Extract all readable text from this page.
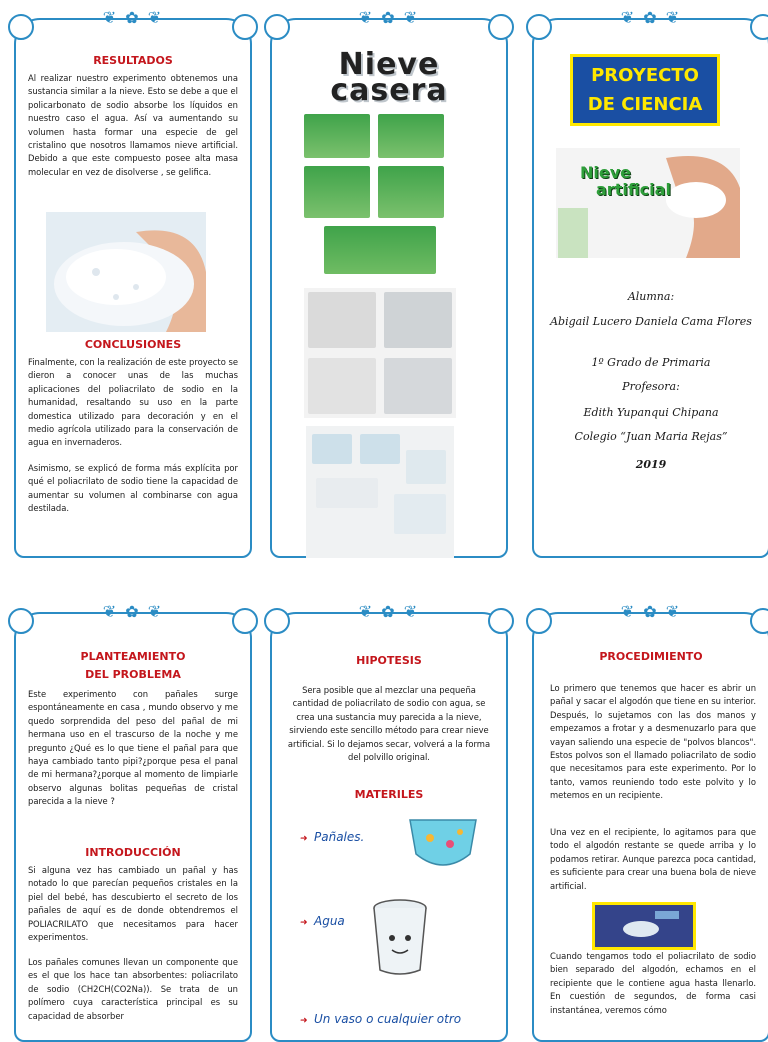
❦ ✿ ❦
RESULTADOS
Al realizar nuestro experimento obtenemos una sustancia similar a la nieve. Esto se debe a que el policarbonato de sodio absorbe los líquidos en nuestro caso el agua. Así va aumentando su volumen hasta formar una especie de gel cristalino que nosotros llamamos nieve artificial. Debido a que este compuesto posee alta masa molecular en vez de disolverse , se gelifica.
CONCLUSIONES
Finalmente, con la realización de este proyecto se dieron a conocer unas de las muchas aplicaciones del poliacrilato de sodio en la humanidad, resaltando su uso en la parte domestica utilizado para decoración y en el medio agrícola utilizado para la conservación de agua en invernaderos.
Asimismo, se explicó de forma más explícita por qué el poliacrilato de sodio tiene la capacidad de aumentar su volumen al combinarse con agua destilada.
❦ ✿ ❦
Nieve
casera
❦ ✿ ❦
PROYECTO
DE CIENCIA
Nieve
artificial
Alumna:
Abigail Lucero Daniela Cama Flores
1º Grado de Primaria
Profesora:
Edith Yupanqui Chipana
Colegio “Juan Maria Rejas”
2019
❦ ✿ ❦
PLANTEAMIENTO
DEL PROBLEMA
Este experimento con pañales surge espontáneamente en casa , mundo observo y me quedo sorprendida del peso del pañal de mi hermana uso en el trascurso de la noche y me pregunto ¿Qué es lo que tiene el pañal para que haya cambiado tanto pipi?¿porque pesa el panal de mi hermana?¿porque al momento de limpiarle observo algunas bolitas pequeñas de cristal parecida a la nieve ?
INTRODUCCIÓN
Si alguna vez has cambiado un pañal y has notado lo que parecían pequeños cristales en la piel del bebé, has descubierto el secreto de los pañales de aquí es de donde obtendremos el POLIACRILATO que necesitamos para hacer experimentos.
Los pañales comunes llevan un componente que es el que los hace tan absorbentes: poliacrilato de sodio (CH2CH(CO2Na)). Se trata de un polímero cuya característica principal es su capacidad de absorber
❦ ✿ ❦
HIPOTESIS
Sera posible que al mezclar una pequeña cantidad de poliacrilato de sodio con agua, se crea una sustancia muy parecida a la nieve, sirviendo este sencillo método para crear nieve artificial. Si lo dejamos secar, volverá a la forma del polvillo original.
MATERILES
➜ Pañales.
➜ Agua
➜ Un vaso o cualquier otro
❦ ✿ ❦
PROCEDIMIENTO
Lo primero que tenemos que hacer es abrir un pañal y sacar el algodón que tiene en su interior. Después, lo sujetamos con las dos manos y empezamos a frotar y a desmenuzarlo para que vayan saliendo una especie de "polvos blancos". Estos polvos son el llamado poliacrilato de sodio que necesitamos para este experimento. Por lo tanto, vamos reuniendo todo este polvito y lo metemos en un recipiente.
Una vez en el recipiente, lo agitamos para que todo el algodón restante se quede arriba y lo podamos retirar. Aunque parezca poca cantidad, es suficiente para crear una buena bola de nieve artificial.
Cuando tengamos todo el poliacrilato de sodio bien separado del algodón, echamos en el recipiente que le contiene agua hasta llenarlo. En cuestión de segundos, de forma casi instantánea, veremos cómo
